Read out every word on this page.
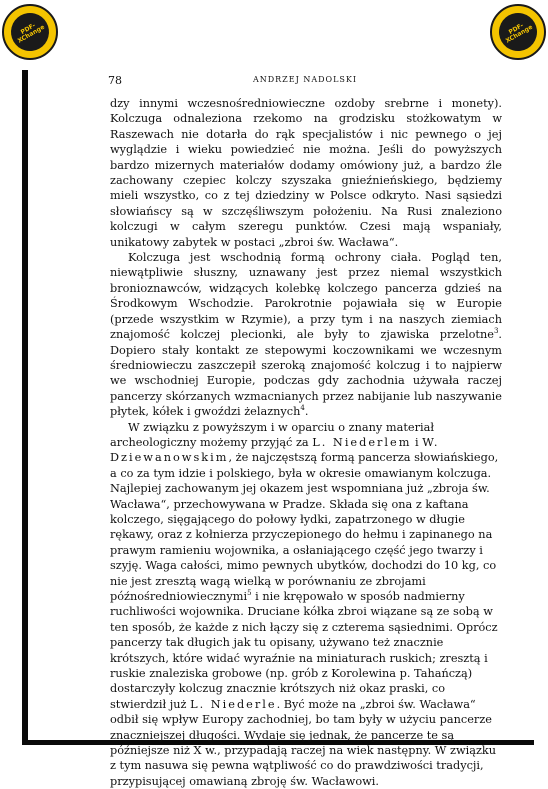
PDF-XChange	PDF-XChange
78	ANDRZEJ NADOLSKI

dzy innymi wczesnośredniowieczne ozdoby srebrne i monety). Kolczuga odnaleziona rzekomo na grodzisku stożkowatym w Raszewach nie dotarła do rąk specjalistów i nic pewnego o jej wyglądzie i wieku powiedzieć nie można. Jeśli do powyższych bardzo mizernych materiałów dodamy omówiony już, a bardzo źle zachowany czepiec kolczy szyszaka gnieźnieńskiego, będziemy mieli wszystko, co z tej dziedziny w Polsce odkryto. Nasi sąsiedzi słowiańscy są w szczęśliwszym położeniu. Na Rusi znaleziono kolczugi w całym szeregu punktów. Czesi mają wspaniały, unikatowy zabytek w postaci „zbroi św. Wacława“.

Kolczuga jest wschodnią formą ochrony ciała. Pogląd ten, niewątpliwie słuszny, uznawany jest przez niemal wszystkich bronioznawców, widzących kolebkę kolczego pancerza gdzieś na Środkowym Wschodzie. Parokrotnie pojawiała się w Europie (przede wszystkim w Rzymie), a przy tym i na naszych ziemiach znajomość kolczej plecionki, ale były to zjawiska przelotne$^3$. Dopiero stały kontakt ze stepowymi koczownikami we wczesnym średniowieczu zaszczepił szeroką znajomość kolczug i to najpierw we wschodniej Europie, podczas gdy zachodnia używała raczej pancerzy skórzanych wzmacnianych przez nabijanie lub naszywanie płytek, kółek i gwoździ żelaznych$^4$.

W związku z powyższym i w oparciu o znany materiał archeologiczny możemy przyjąć za L. Niederlem i W. Dziewanowskim, że najczęstszą formą pancerza słowiańskiego, a co za tym idzie i polskiego, była w okresie omawianym kolczuga. Najlepiej zachowanym jej okazem jest wspomniana już „zbroja św. Wacława“, przechowywana w Pradze. Składa się ona z kaftana kolczego, sięgającego do połowy łydki, zapatrzonego w długie rękawy, oraz z kołnierza przyczepionego do hełmu i zapinanego na prawym ramieniu wojownika, a osłaniającego część jego twarzy i szyję. Waga całości, mimo pewnych ubytków, dochodzi do 10 kg, co nie jest zresztą wagą wielką w porównaniu ze zbrojami późnośredniowiecznymi$^5$ i nie krępowało w sposób nadmierny ruchliwości wojownika. Druciane kółka zbroi wiązane są ze sobą w ten sposób, że każde z nich łączy się z czterema sąsiednimi. Oprócz pancerzy tak długich jak tu opisany, używano też znacznie krótszych, które widać wyraźnie na miniaturach ruskich; zresztą i ruskie znaleziska grobowe (np. grób z Korolewina p. Tahańczą) dostarczyły kolczug znacznie krótszych niż okaz praski, co stwierdził już L. Niederle. Być może na „zbroi św. Wacława“ odbił się wpływ Europy zachodniej, bo tam były w użyciu pancerze znaczniejszej długości. Wydaje się jednak, że pancerze te są późniejsze niż X w., przypadają raczej na wiek następny. W związku z tym nasuwa się pewna wątpliwość co do prawdziwości tradycji, przypisującej omawianą zbroję św. Wacławowi.
